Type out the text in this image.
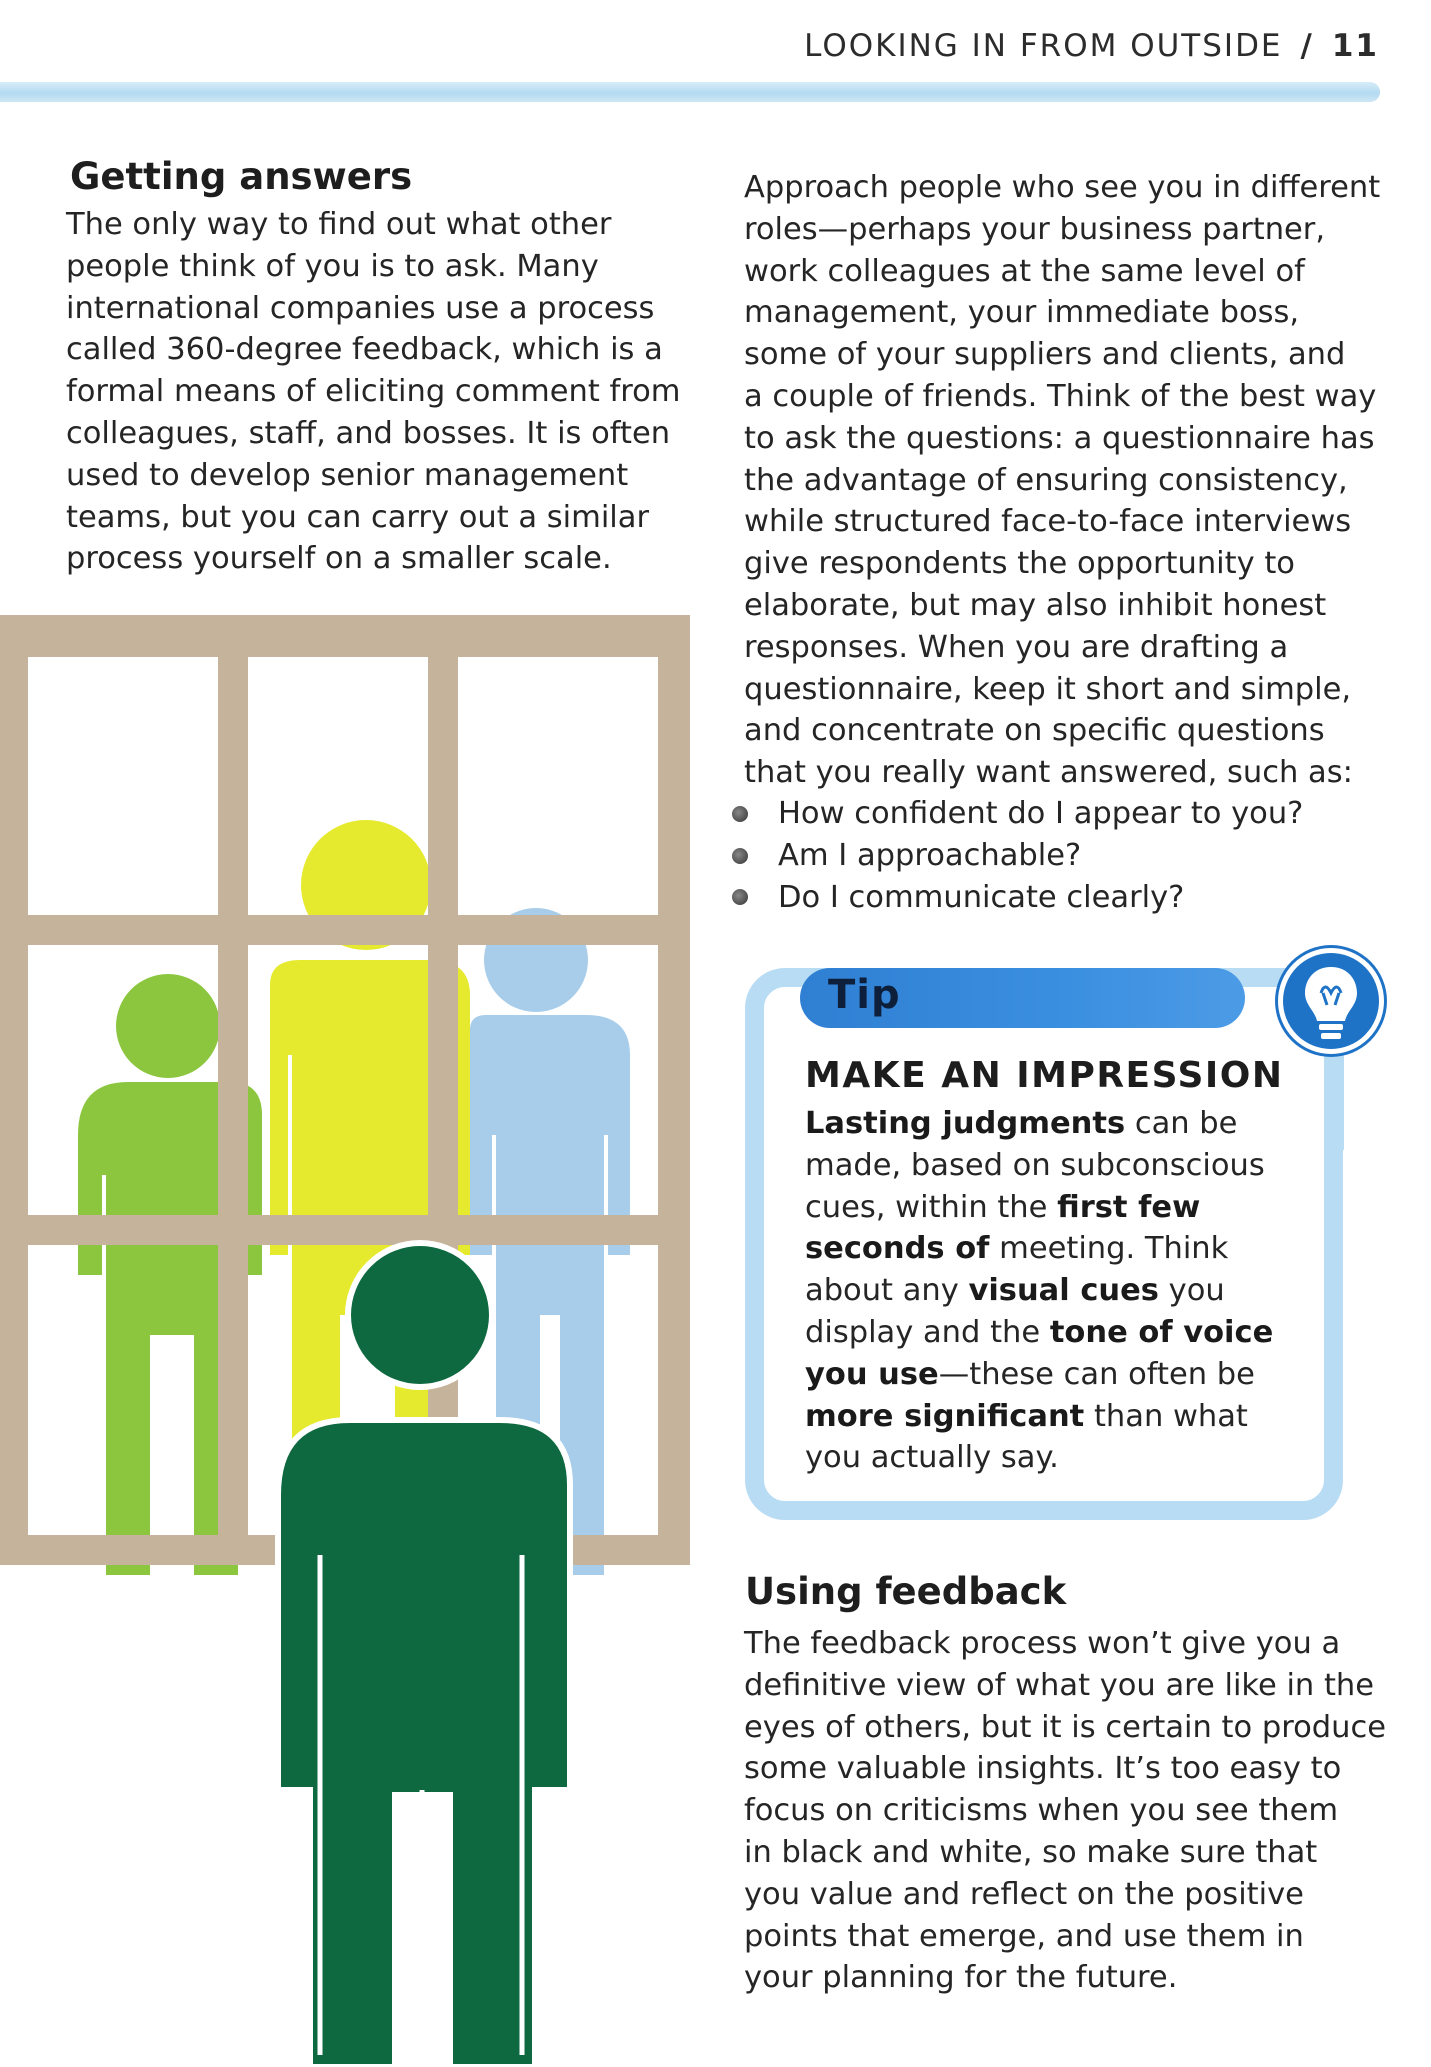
LOOKING IN FROM OUTSIDE / 11
Getting answers
The only way to find out what other
people think of you is to ask. Many
international companies use a process
called 360-degree feedback, which is a
formal means of eliciting comment from
colleagues, staff, and bosses. It is often
used to develop senior management
teams, but you can carry out a similar
process yourself on a smaller scale.
Approach people who see you in different
roles—perhaps your business partner,
work colleagues at the same level of
management, your immediate boss,
some of your suppliers and clients, and
a couple of friends. Think of the best way
to ask the questions: a questionnaire has
the advantage of ensuring consistency,
while structured face-to-face interviews
give respondents the opportunity to
elaborate, but may also inhibit honest
responses. When you are drafting a
questionnaire, keep it short and simple,
and concentrate on specific questions
that you really want answered, such as:
How confident do I appear to you?
Am I approachable?
Do I communicate clearly?
Tip
MAKE AN IMPRESSION
Lasting judgments can be
made, based on subconscious
cues, within the first few
seconds of meeting. Think
about any visual cues you
display and the tone of voice
you use—these can often be
more significant than what
you actually say.
Using feedback
The feedback process won’t give you a
definitive view of what you are like in the
eyes of others, but it is certain to produce
some valuable insights. It’s too easy to
focus on criticisms when you see them
in black and white, so make sure that
you value and reflect on the positive
points that emerge, and use them in
your planning for the future.
